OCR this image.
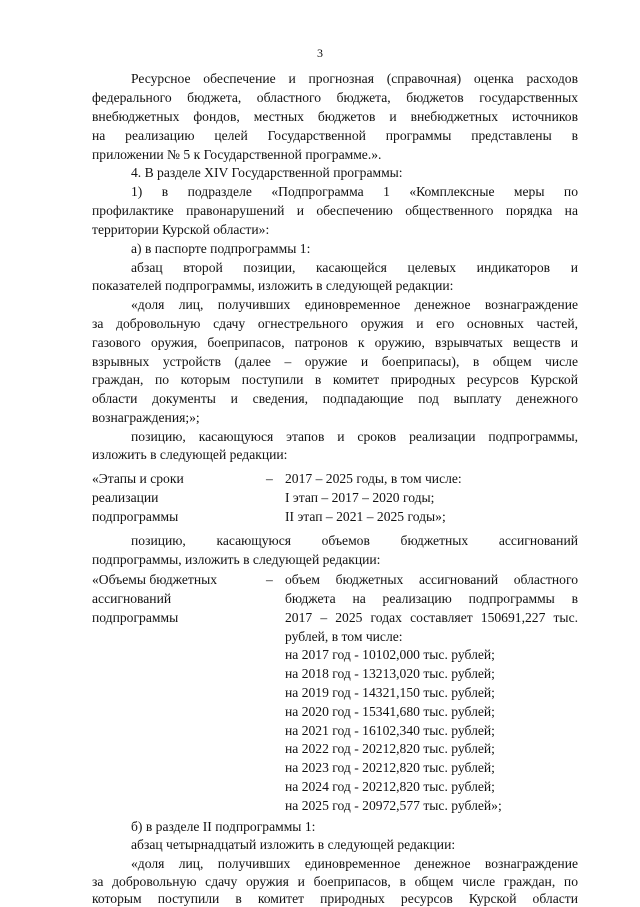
3
Ресурсное обеспечение и прогнозная (справочная) оценка расходов
федерального бюджета, областного бюджета, бюджетов государственных
внебюджетных фондов, местных бюджетов и внебюджетных источников
на реализацию целей Государственной программы представлены в
приложении № 5 к Государственной программе.».
4. В разделе XIV Государственной программы:
1) в подразделе «Подпрограмма 1 «Комплексные меры по
профилактике правонарушений и обеспечению общественного порядка на
территории Курской области»:
а) в паспорте подпрограммы 1:
абзац второй позиции, касающейся целевых индикаторов и
показателей подпрограммы, изложить в следующей редакции:
«доля лиц, получивших единовременное денежное вознаграждение
за добровольную сдачу огнестрельного оружия и его основных частей,
газового оружия, боеприпасов, патронов к оружию, взрывчатых веществ и
взрывных устройств (далее – оружие и боеприпасы), в общем числе
граждан, по которым поступили в комитет природных ресурсов Курской
области документы и сведения, подпадающие под выплату денежного
вознаграждения;»;
позицию, касающуюся этапов и сроков реализации подпрограммы,
изложить в следующей редакции:
«Этапы и сроки
реализации
подпрограммы
– 2017 – 2025 годы, в том числе:
I этап – 2017 – 2020 годы;
II этап – 2021 – 2025 годы»;
позицию, касающуюся объемов бюджетных ассигнований
подпрограммы, изложить в следующей редакции:
«Объемы бюджетных
ассигнований
подпрограммы
– объем бюджетных ассигнований областного
бюджета на реализацию подпрограммы в
2017 – 2025 годах составляет 150691,227 тыс.
рублей, в том числе:
на 2017 год - 10102,000 тыс. рублей;
на 2018 год - 13213,020 тыс. рублей;
на 2019 год - 14321,150 тыс. рублей;
на 2020 год - 15341,680 тыс. рублей;
на 2021 год - 16102,340 тыс. рублей;
на 2022 год - 20212,820 тыс. рублей;
на 2023 год - 20212,820 тыс. рублей;
на 2024 год - 20212,820 тыс. рублей;
на 2025 год - 20972,577 тыс. рублей»;
б) в разделе II подпрограммы 1:
абзац четырнадцатый изложить в следующей редакции:
«доля лиц, получивших единовременное денежное вознаграждение
за добровольную сдачу оружия и боеприпасов, в общем числе граждан, по
которым поступили в комитет природных ресурсов Курской области
